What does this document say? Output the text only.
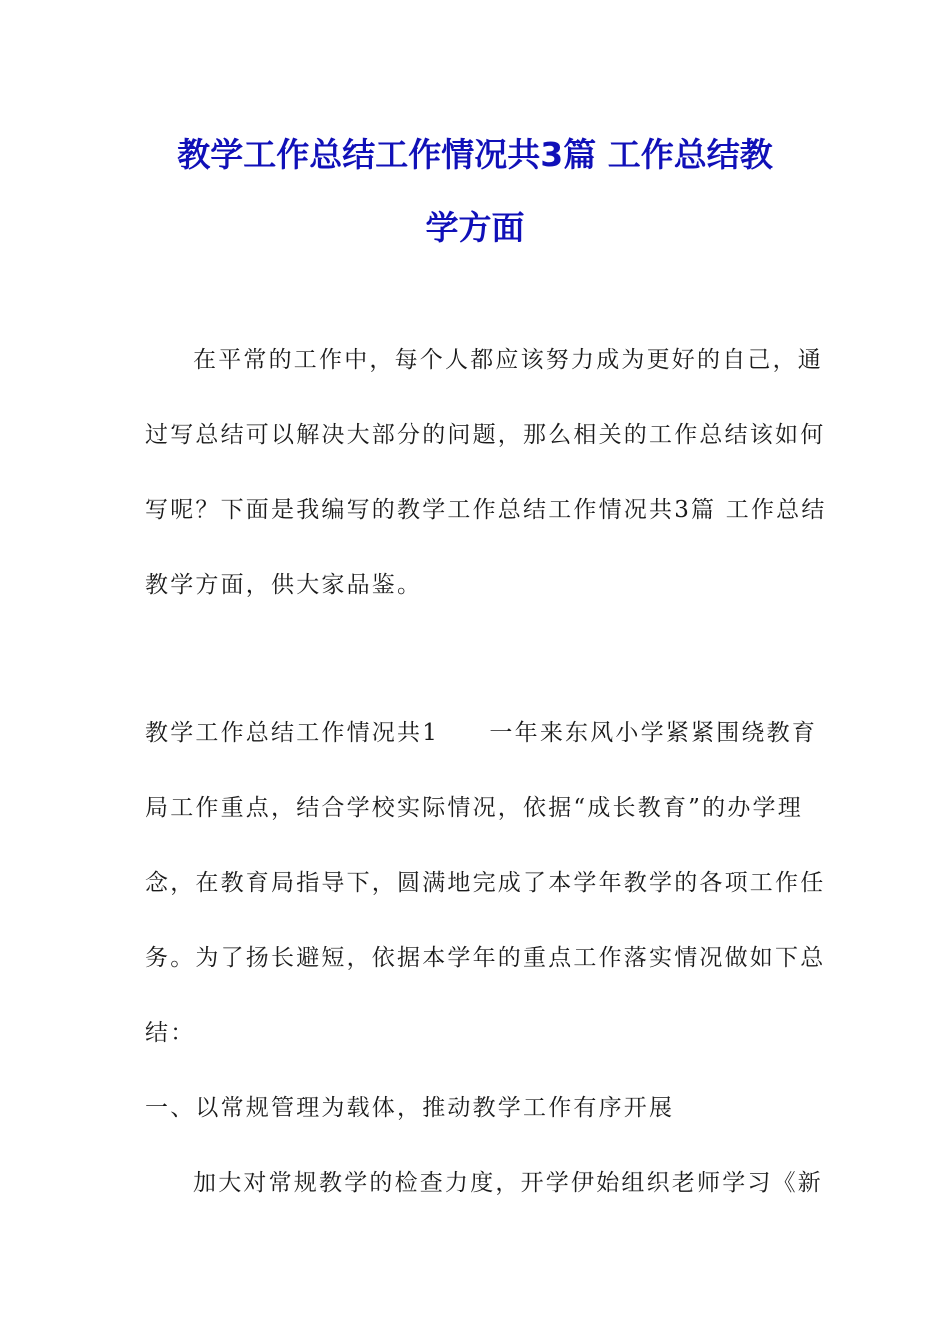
教学工作总结工作情况共3篇 工作总结教
学方面
在平常的工作中，每个人都应该努力成为更好的自己，通
过写总结可以解决大部分的问题，那么相关的工作总结该如何
写呢？下面是我编写的教学工作总结工作情况共3篇 工作总结
教学方面，供大家品鉴。
教学工作总结工作情况共1　　一年来东风小学紧紧围绕教育
局工作重点，结合学校实际情况，依据“成长教育”的办学理
念，在教育局指导下，圆满地完成了本学年教学的各项工作任
务。为了扬长避短，依据本学年的重点工作落实情况做如下总
结：
一、以常规管理为载体，推动教学工作有序开展
加大对常规教学的检查力度，开学伊始组织老师学习《新
